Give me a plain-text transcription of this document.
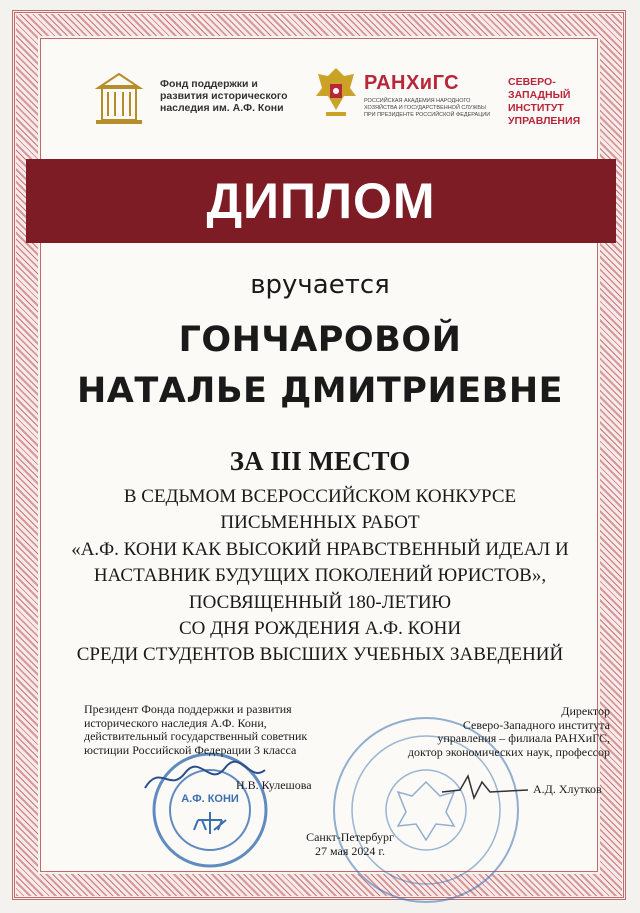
Фонд поддержки и развития исторического наследия им. А.Ф. Кони
РАНХиГС
РОССИЙСКАЯ АКАДЕМИЯ НАРОДНОГО ХОЗЯЙСТВА И ГОСУДАРСТВЕННОЙ СЛУЖБЫ ПРИ ПРЕЗИДЕНТЕ РОССИЙСКОЙ ФЕДЕРАЦИИ
СЕВЕРО-ЗАПАДНЫЙ ИНСТИТУТ УПРАВЛЕНИЯ
ДИПЛОМ
вручается
ГОНЧАРОВОЙ
НАТАЛЬЕ ДМИТРИЕВНЕ
ЗА III МЕСТО
В СЕДЬМОМ ВСЕРОССИЙСКОМ КОНКУРСЕ
ПИСЬМЕННЫХ РАБОТ
«А.Ф. КОНИ КАК ВЫСОКИЙ НРАВСТВЕННЫЙ ИДЕАЛ И
НАСТАВНИК БУДУЩИХ ПОКОЛЕНИЙ ЮРИСТОВ»,
ПОСВЯЩЕННЫЙ 180-ЛЕТИЮ
СО ДНЯ РОЖДЕНИЯ А.Ф. КОНИ
СРЕДИ СТУДЕНТОВ ВЫСШИХ УЧЕБНЫХ ЗАВЕДЕНИЙ
А.Ф. КОНИ
Президент Фонда поддержки и развития
исторического наследия А.Ф. Кони,
действительный государственный советник
юстиции Российской Федерации 3 класса
Н.В. Кулешова
Директор
Северо-Западного института
управления – филиала РАНХиГС,
доктор экономических наук, профессор
А.Д. Хлутков
Санкт-Петербург
27 мая 2024 г.
